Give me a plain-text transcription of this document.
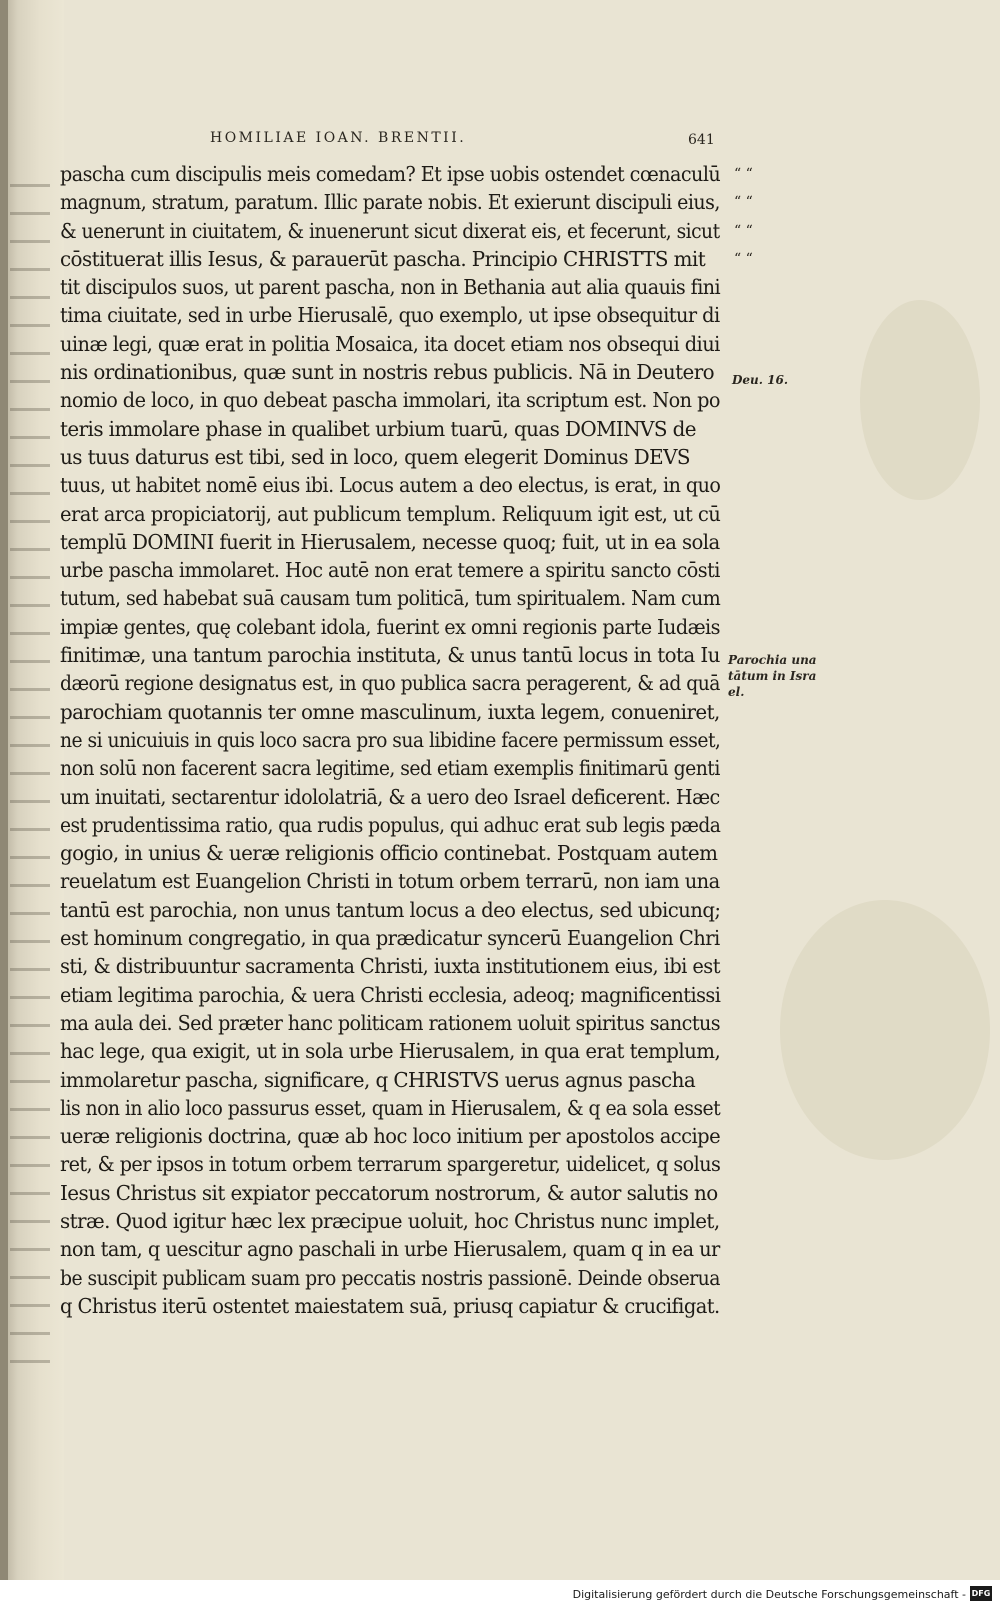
HOMILIAE IOAN. BRENTII.	641
“ “
“ “
“ “
“ “
Deu. 16.
Parochia una
tātum in Isra
el.
pascha cum discipulis meis comedam? Et ipse uobis ostendet cœnaculū
magnum, stratum, paratum. Illic parate nobis. Et exierunt discipuli eius,
& uenerunt in ciuitatem, & inuenerunt sicut dixerat eis, et fecerunt, sicut
cōstituerat illis Iesus, & parauerūt pascha. Principio CHRISTTS mit
tit discipulos suos, ut parent pascha, non in Bethania aut alia quauis fini
tima ciuitate, sed in urbe Hierusalē, quo exemplo, ut ipse obsequitur di
uinæ legi, quæ erat in politia Mosaica, ita docet etiam nos obsequi diui
nis ordinationibus, quæ sunt in nostris rebus publicis. Nā in Deutero
nomio de loco, in quo debeat pascha immolari, ita scriptum est. Non po
teris immolare phase in qualibet urbium tuarū, quas DOMINVS de
us tuus daturus est tibi, sed in loco, quem elegerit Dominus DEVS
tuus, ut habitet nomē eius ibi. Locus autem a deo electus, is erat, in quo
erat arca propiciatorij, aut publicum templum. Reliquum igit est, ut cū
templū DOMINI fuerit in Hierusalem, necesse quoq; fuit, ut in ea sola
urbe pascha immolaret. Hoc autē non erat temere a spiritu sancto cōsti
tutum, sed habebat suā causam tum politicā, tum spiritualem. Nam cum
impiæ gentes, quę colebant idola, fuerint ex omni regionis parte Iudæis
finitimæ, una tantum parochia instituta, & unus tantū locus in tota Iu
dæorū regione designatus est, in quo publica sacra peragerent, & ad quā
parochiam quotannis ter omne masculinum, iuxta legem, conueniret,
ne si unicuiuis in quis loco sacra pro sua libidine facere permissum esset,
non solū non facerent sacra legitime, sed etiam exemplis finitimarū genti
um inuitati, sectarentur idololatriā, & a uero deo Israel deficerent. Hæc
est prudentissima ratio, qua rudis populus, qui adhuc erat sub legis pæda
gogio, in unius & ueræ religionis officio continebat. Postquam autem
reuelatum est Euangelion Christi in totum orbem terrarū, non iam una
tantū est parochia, non unus tantum locus a deo electus, sed ubicunq;
est hominum congregatio, in qua prædicatur syncerū Euangelion Chri
sti, & distribuuntur sacramenta Christi, iuxta institutionem eius, ibi est
etiam legitima parochia, & uera Christi ecclesia, adeoq; magnificentissi
ma aula dei. Sed præter hanc politicam rationem uoluit spiritus sanctus
hac lege, qua exigit, ut in sola urbe Hierusalem, in qua erat templum,
immolaretur pascha, significare, q CHRISTVS uerus agnus pascha
lis non in alio loco passurus esset, quam in Hierusalem, & q ea sola esset
ueræ religionis doctrina, quæ ab hoc loco initium per apostolos accipe
ret, & per ipsos in totum orbem terrarum spargeretur, uidelicet, q solus
Iesus Christus sit expiator peccatorum nostrorum, & autor salutis no
stræ. Quod igitur hæc lex præcipue uoluit, hoc Christus nunc implet,
non tam, q uescitur agno paschali in urbe Hierusalem, quam q in ea ur
be suscipit publicam suam pro peccatis nostris passionē. Deinde obserua
q Christus iterū ostentet maiestatem suā, priusq capiatur & crucifigat.
Digitalisierung gefördert durch die Deutsche Forschungsgemeinschaft - DFG
